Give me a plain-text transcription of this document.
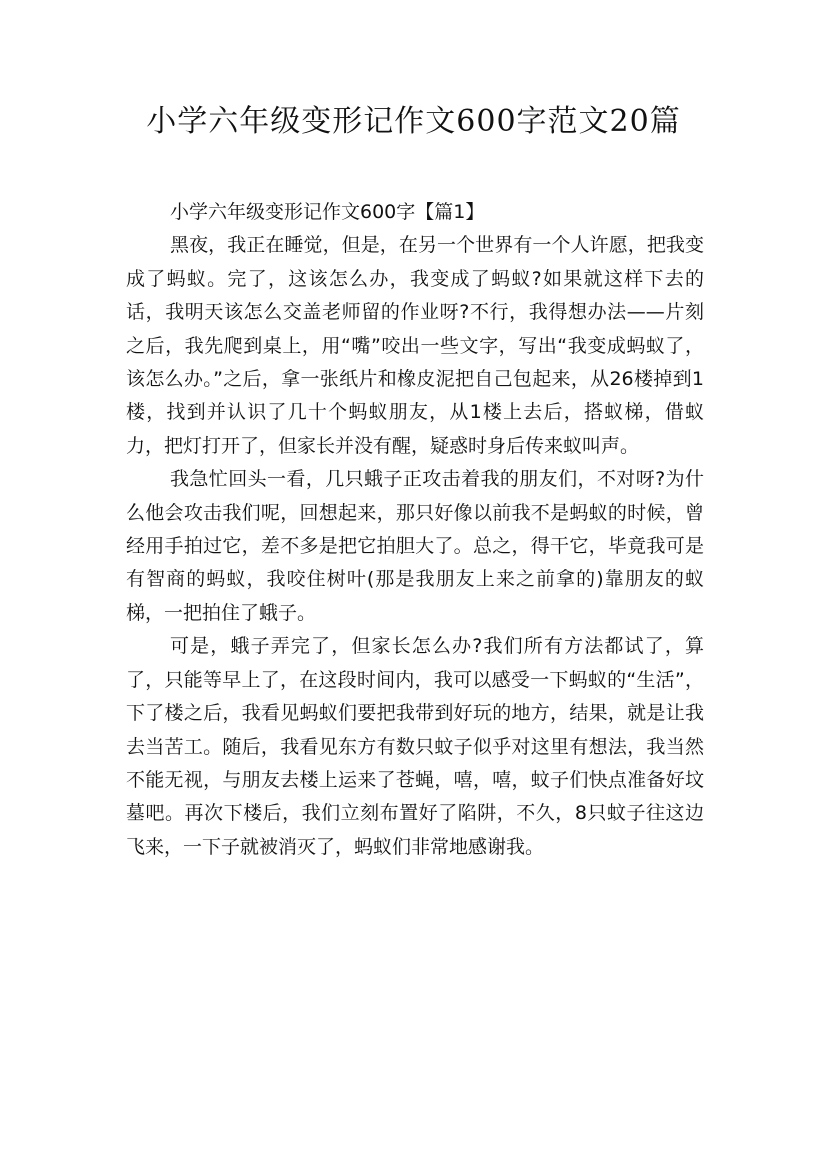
小学六年级变形记作文600字范文20篇

小学六年级变形记作文600字【篇1】

黑夜，我正在睡觉，但是，在另一个世界有一个人许愿，把我变成了蚂蚁。完了，这该怎么办，我变成了蚂蚁?如果就这样下去的话，我明天该怎么交盖老师留的作业呀?不行，我得想办法——片刻之后，我先爬到桌上，用“嘴”咬出一些文字，写出“我变成蚂蚁了，该怎么办。”之后，拿一张纸片和橡皮泥把自己包起来，从26楼掉到1楼，找到并认识了几十个蚂蚁朋友，从1楼上去后，搭蚁梯，借蚁力，把灯打开了，但家长并没有醒，疑惑时身后传来蚁叫声。

我急忙回头一看，几只蛾子正攻击着我的朋友们，不对呀?为什么他会攻击我们呢，回想起来，那只好像以前我不是蚂蚁的时候，曾经用手拍过它，差不多是把它拍胆大了。总之，得干它，毕竟我可是有智商的蚂蚁，我咬住树叶(那是我朋友上来之前拿的)靠朋友的蚁梯，一把拍住了蛾子。

可是，蛾子弄完了，但家长怎么办?我们所有方法都试了，算了，只能等早上了，在这段时间内，我可以感受一下蚂蚁的“生活”，下了楼之后，我看见蚂蚁们要把我带到好玩的地方，结果，就是让我去当苦工。随后，我看见东方有数只蚊子似乎对这里有想法，我当然不能无视，与朋友去楼上运来了苍蝇，嘻，嘻，蚊子们快点准备好坟墓吧。再次下楼后，我们立刻布置好了陷阱，不久，8只蚊子往这边飞来，一下子就被消灭了，蚂蚁们非常地感谢我。
